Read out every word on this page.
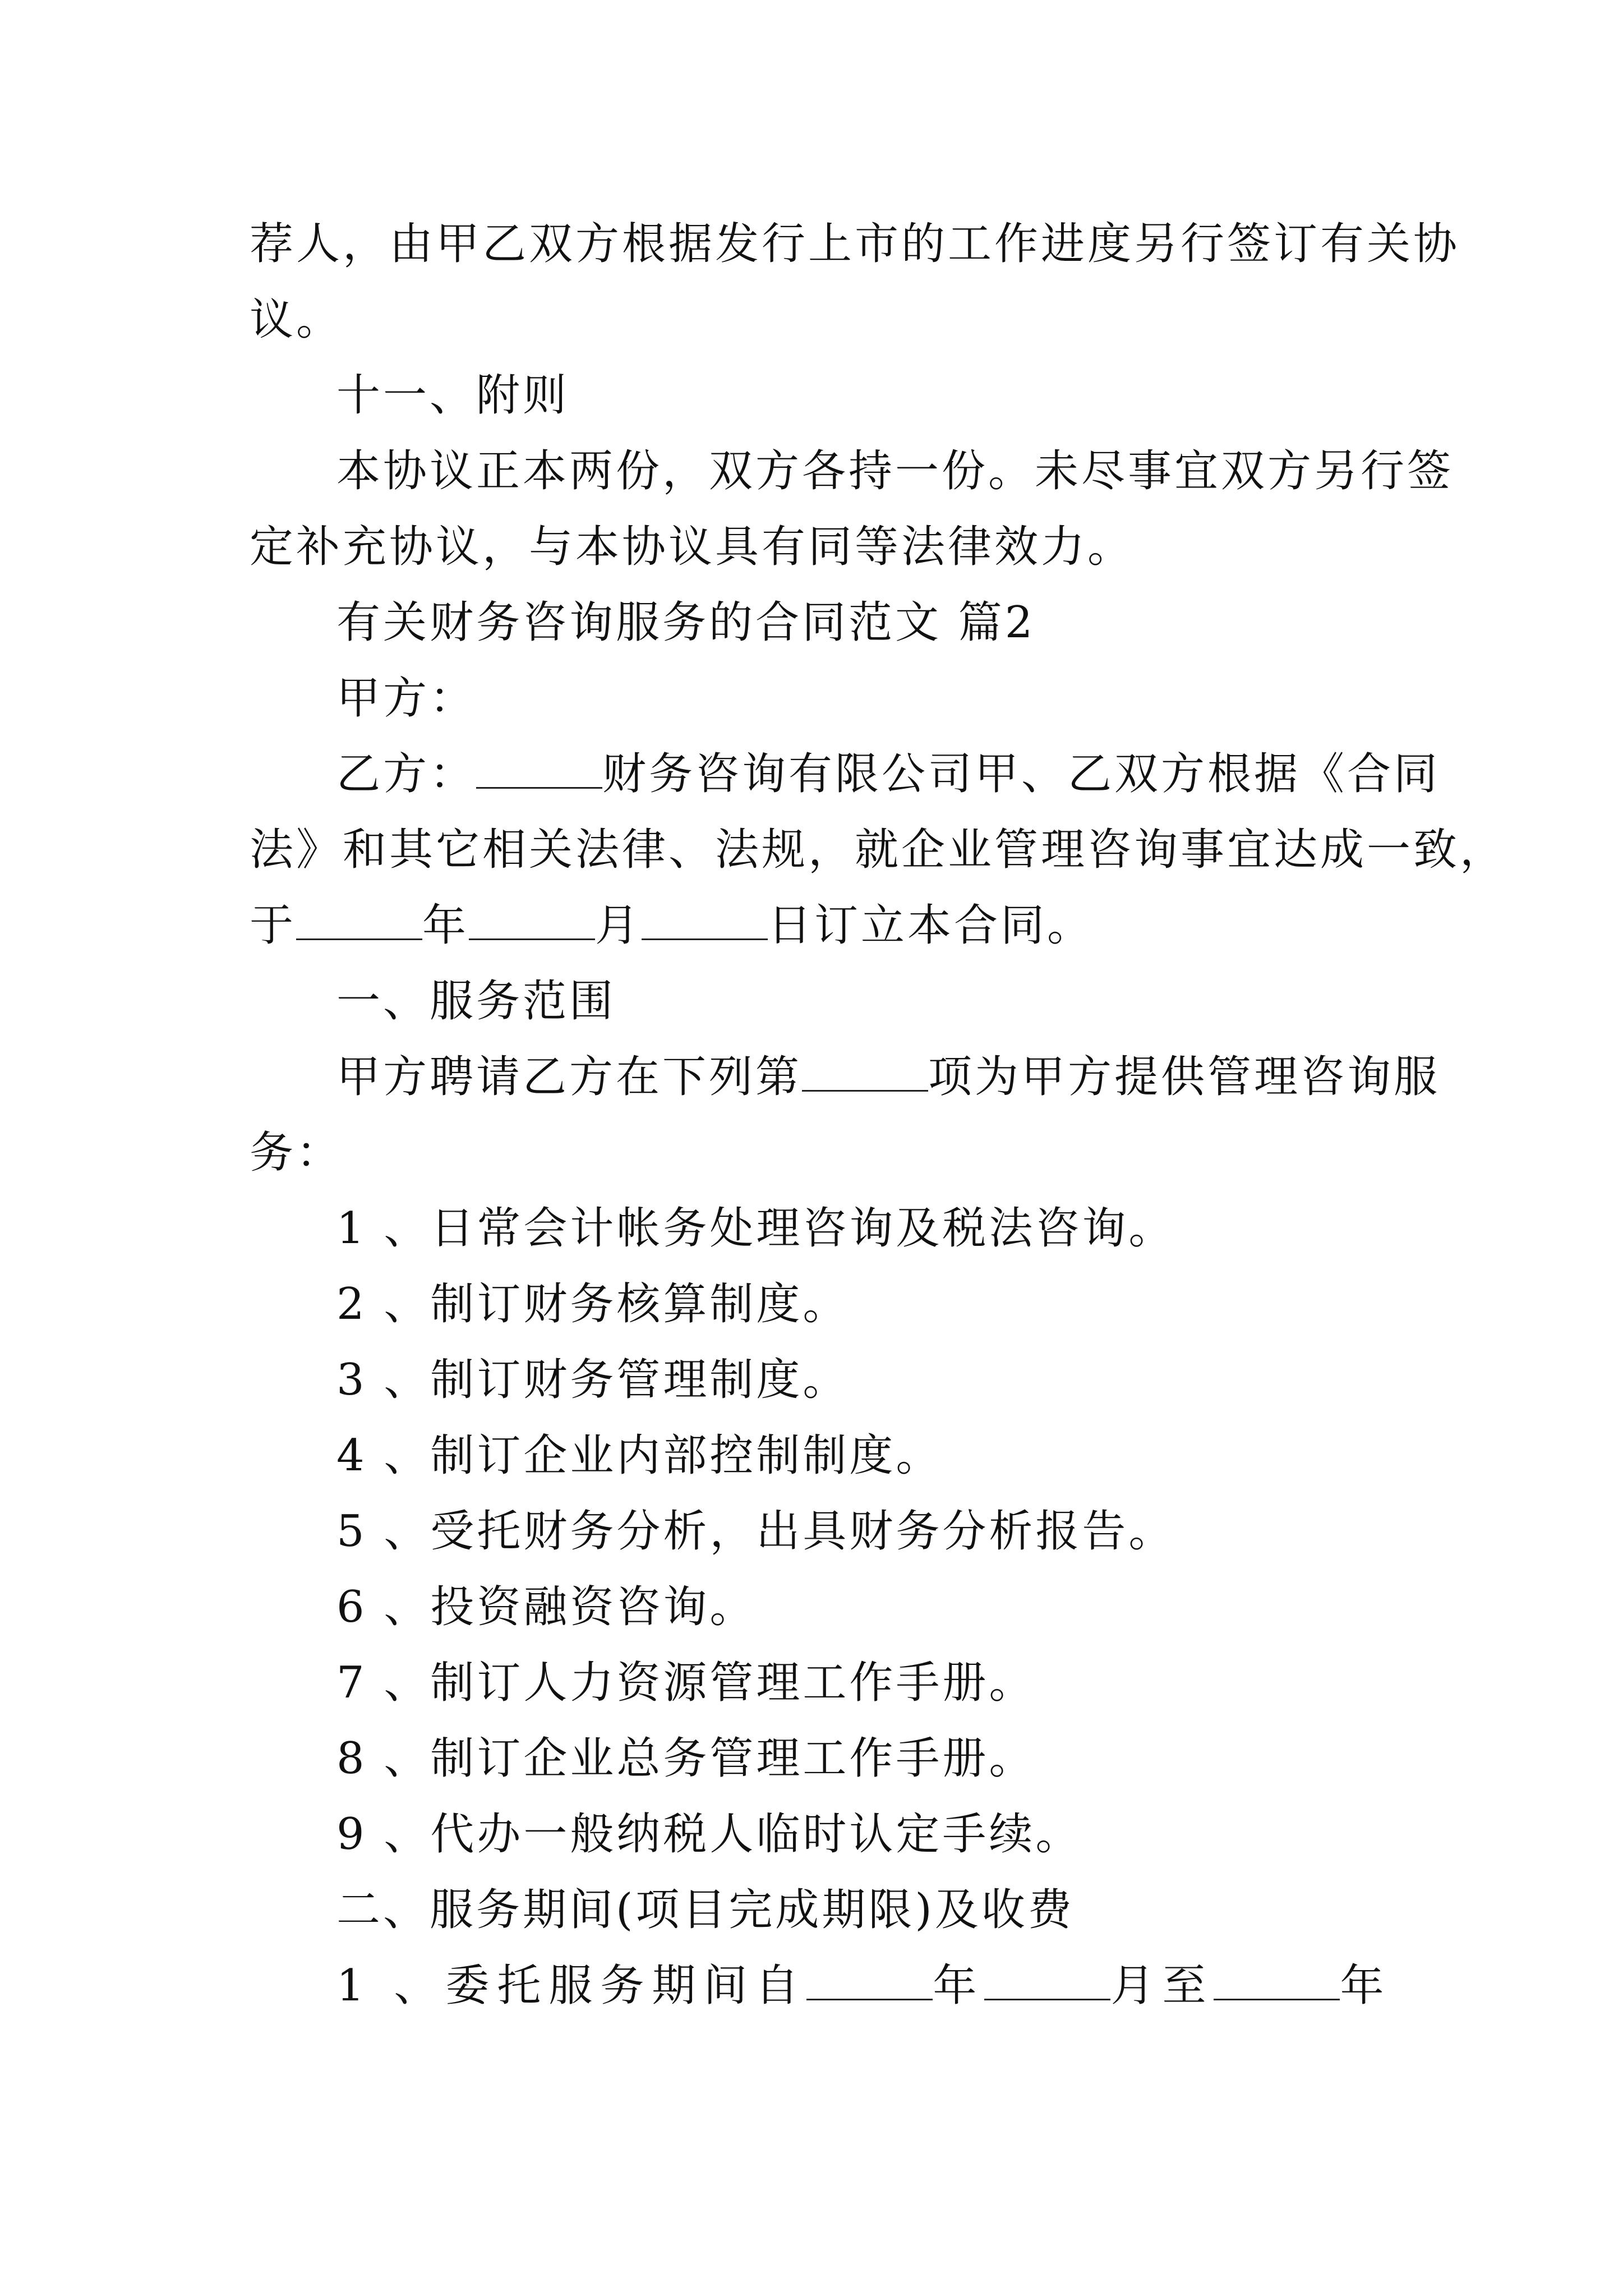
荐人，由甲乙双方根据发行上市的工作进度另行签订有关协
议。
十一、附则
本协议正本两份，双方各持一份。未尽事宜双方另行签
定补充协议，与本协议具有同等法律效力。
有关财务咨询服务的合同范文 篇2
甲方：
乙方：	财务咨询有限公司甲、乙双方根据《合同
法》和其它相关法律、法规，就企业管理咨询事宜达成一致，
于	年	月	日订立本合同。
一、服务范围
甲方聘请乙方在下列第	项为甲方提供管理咨询服
务：
1 、日常会计帐务处理咨询及税法咨询。
2 、制订财务核算制度。
3 、制订财务管理制度。
4 、制订企业内部控制制度。
5 、受托财务分析，出具财务分析报告。
6 、投资融资咨询。
7 、制订人力资源管理工作手册。
8 、制订企业总务管理工作手册。
9 、代办一般纳税人临时认定手续。
二、服务期间(项目完成期限)及收费
1 、委托服务期间自	年	月至	年
